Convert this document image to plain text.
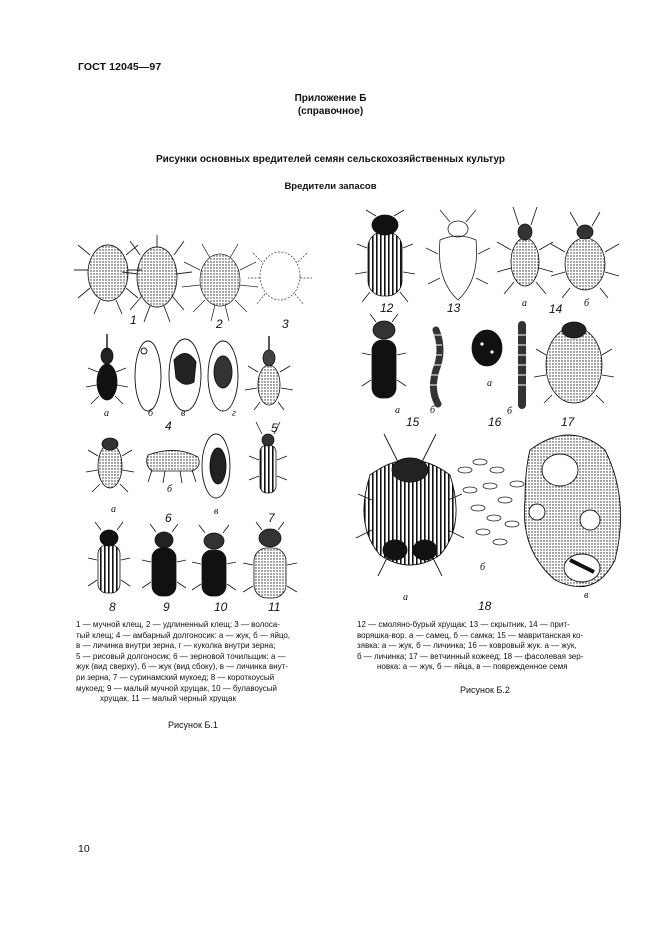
ГОСТ 12045—97
Приложение Б
(справочное)
Рисунки основных вредителей семян сельскохозяйственных культур
Вредители запасов
1	2	3
а	б	в	г
4
а
б
в
5
6	7
8	9	10	11
1 — мучной клещ, 2 — удлиненный клещ; 3 — волоса-
тый клещ; 4 — амбарный долгоносик: а — жук, б — яйцо,
в — личинка внутри зерна, г — куколка внутри зерна;
5 — рисовый долгоносик; 6 — зерновой точильщик: а —
жук (вид сверху), б — жук (вид сбоку), в — личинка внут-
ри зерна, 7 — суринамский мукоед; 8 — короткоусый
мукоед; 9 — малый мучной хрущак, 10 — булавоусый
хрущак, 11 — малый черный хрущак
Рисунок Б.1
12	13	а 14 б
а	б
15
а
б
16	17
а
б
в
18
12 — смоляно-бурый хрущак; 13 — скрытник, 14 — прит-
воряшка-вор. а — самец, б — самка; 15 — мавританская ко-
зявка: а — жук, б — личинка; 16 — ковровый жук. а — жук,
б — личинка; 17 — ветчинный кожеед; 18 — фасолевая зер-
новка: а — жук, б — яйца, в — поврежденное семя
Рисунок Б.2
10
